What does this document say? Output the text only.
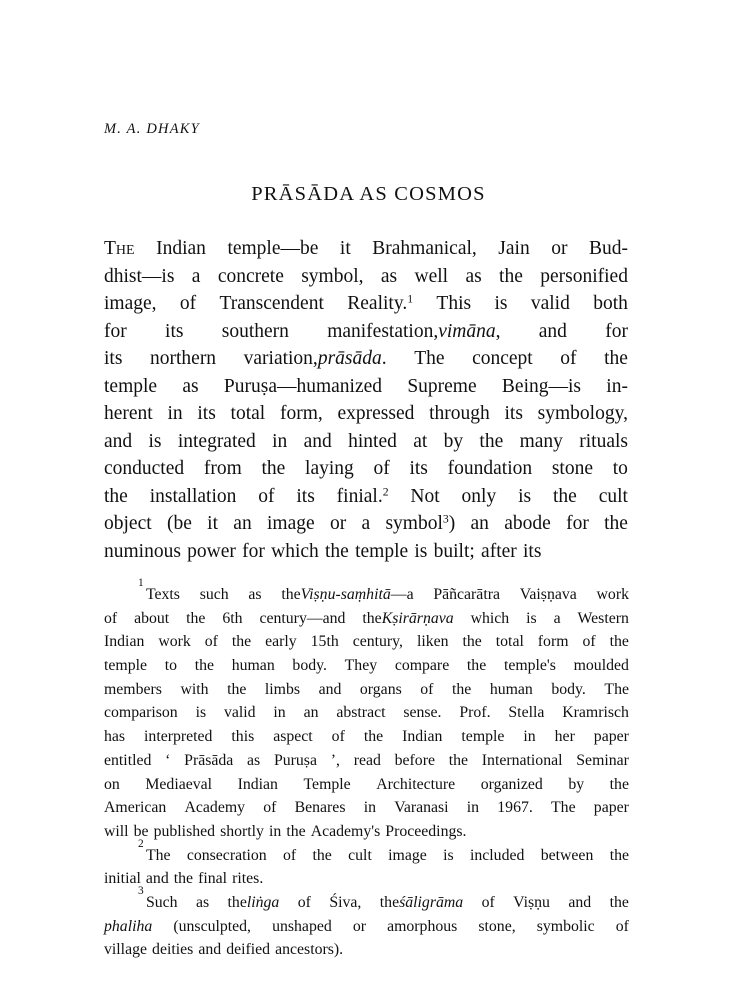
M. A. DHAKY
PRĀSĀDA AS COSMOS
The Indian temple—be it Brahmanical, Jain or Bud-
dhist—is a concrete symbol, as well as the personified
image, of Transcendent Reality.$^1$ This is valid both
for its southern manifestation,vimāna, and for
its northern variation,prāsāda. The concept of the
temple as Puruṣa—humanized Supreme Being—is in-
herent in its total form, expressed through its symbology,
and is integrated in and hinted at by the many rituals
conducted from the laying of its foundation stone to
the installation of its finial.$^2$ Not only is the cult
object (be it an image or a symbol$^3$) an abode for the
numinous power for which the temple is built; after its
1
Texts such as theViṣṇu-saṃhitā—a Pāñcarātra Vaiṣṇava work
of about the 6th century—and theKṣirārṇava which is a Western
Indian work of the early 15th century, liken the total form of the
temple to the human body. They compare the temple's moulded
members with the limbs and organs of the human body. The
comparison is valid in an abstract sense. Prof. Stella Kramrisch
has interpreted this aspect of the Indian temple in her paper
entitled ‘ Prāsāda as Puruṣa ’, read before the International Seminar
on Mediaeval Indian Temple Architecture organized by the
American Academy of Benares in Varanasi in 1967. The paper
will be published shortly in the Academy's Proceedings.
2
The consecration of the cult image is included between the
initial and the final rites.
3
Such as theliṅga of Śiva, theśāligrāma of Viṣṇu and the
phaliha (unsculpted, unshaped or amorphous stone, symbolic of
village deities and deified ancestors).
